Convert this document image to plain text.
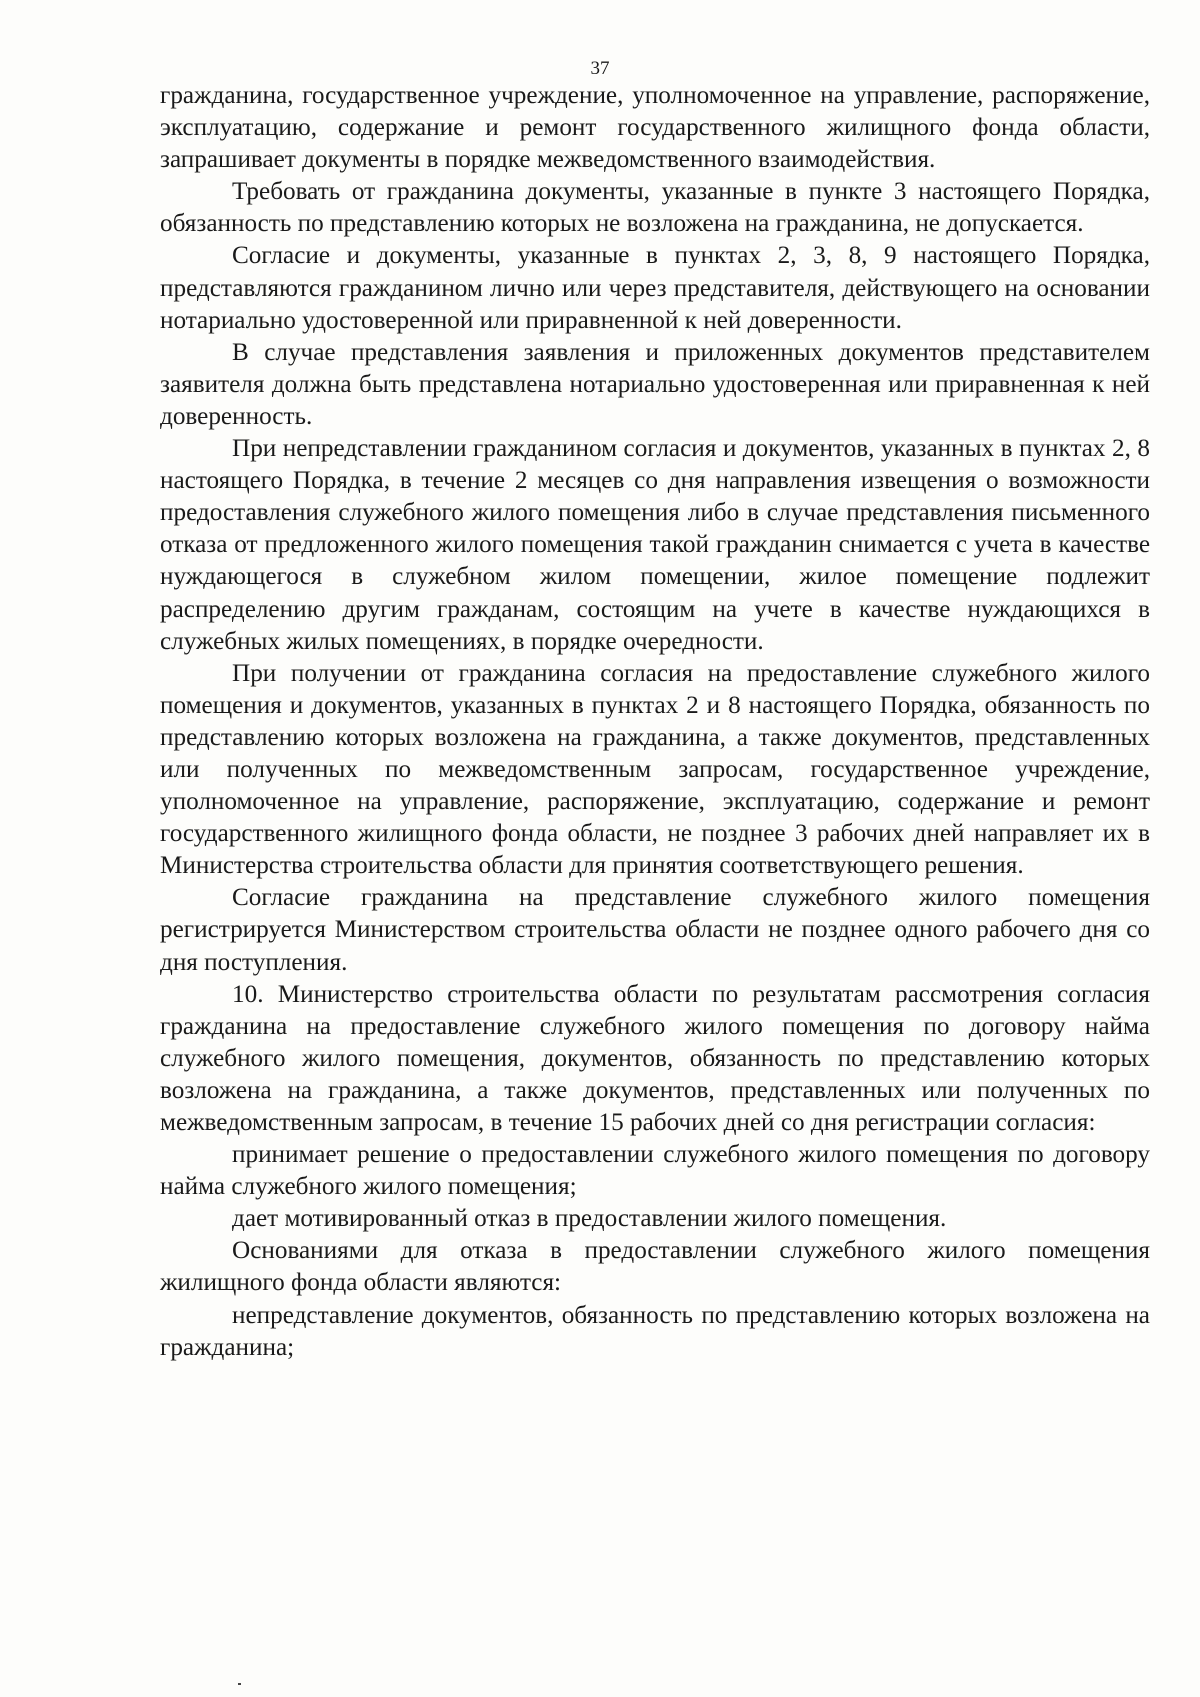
37

гражданина, государственное учреждение, уполномоченное на управление, распоряжение, эксплуатацию, содержание и ремонт государственного жилищного фонда области, запрашивает документы в порядке межведомственного взаимодействия.

Требовать от гражданина документы, указанные в пункте 3 настоящего Порядка, обязанность по представлению которых не возложена на гражданина, не допускается.

Согласие и документы, указанные в пунктах 2, 3, 8, 9 настоящего Порядка, представляются гражданином лично или через представителя, действующего на основании нотариально удостоверенной или приравненной к ней доверенности.

В случае представления заявления и приложенных документов представителем заявителя должна быть представлена нотариально удостоверенная или приравненная к ней доверенность.

При непредставлении гражданином согласия и документов, указанных в пунктах 2, 8 настоящего Порядка, в течение 2 месяцев со дня направления извещения о возможности предоставления служебного жилого помещения либо в случае представления письменного отказа от предложенного жилого помещения такой гражданин снимается с учета в качестве нуждающегося в служебном жилом помещении, жилое помещение подлежит распределению другим гражданам, состоящим на учете в качестве нуждающихся в служебных жилых помещениях, в порядке очередности.

При получении от гражданина согласия на предоставление служебного жилого помещения и документов, указанных в пунктах 2 и 8 настоящего Порядка, обязанность по представлению которых возложена на гражданина, а также документов, представленных или полученных по межведомственным запросам, государственное учреждение, уполномоченное на управление, распоряжение, эксплуатацию, содержание и ремонт государственного жилищного фонда области, не позднее 3 рабочих дней направляет их в Министерства строительства области для принятия соответствующего решения.

Согласие гражданина на представление служебного жилого помещения регистрируется Министерством строительства области не позднее одного рабочего дня со дня поступления.

10. Министерство строительства области по результатам рассмотрения согласия гражданина на предоставление служебного жилого помещения по договору найма служебного жилого помещения, документов, обязанность по представлению которых возложена на гражданина, а также документов, представленных или полученных по межведомственным запросам, в течение 15 рабочих дней со дня регистрации согласия:

принимает решение о предоставлении служебного жилого помещения по договору найма служебного жилого помещения;

дает мотивированный отказ в предоставлении жилого помещения.

Основаниями для отказа в предоставлении служебного жилого помещения жилищного фонда области являются:

непредставление документов, обязанность по представлению которых возложена на гражданина;
